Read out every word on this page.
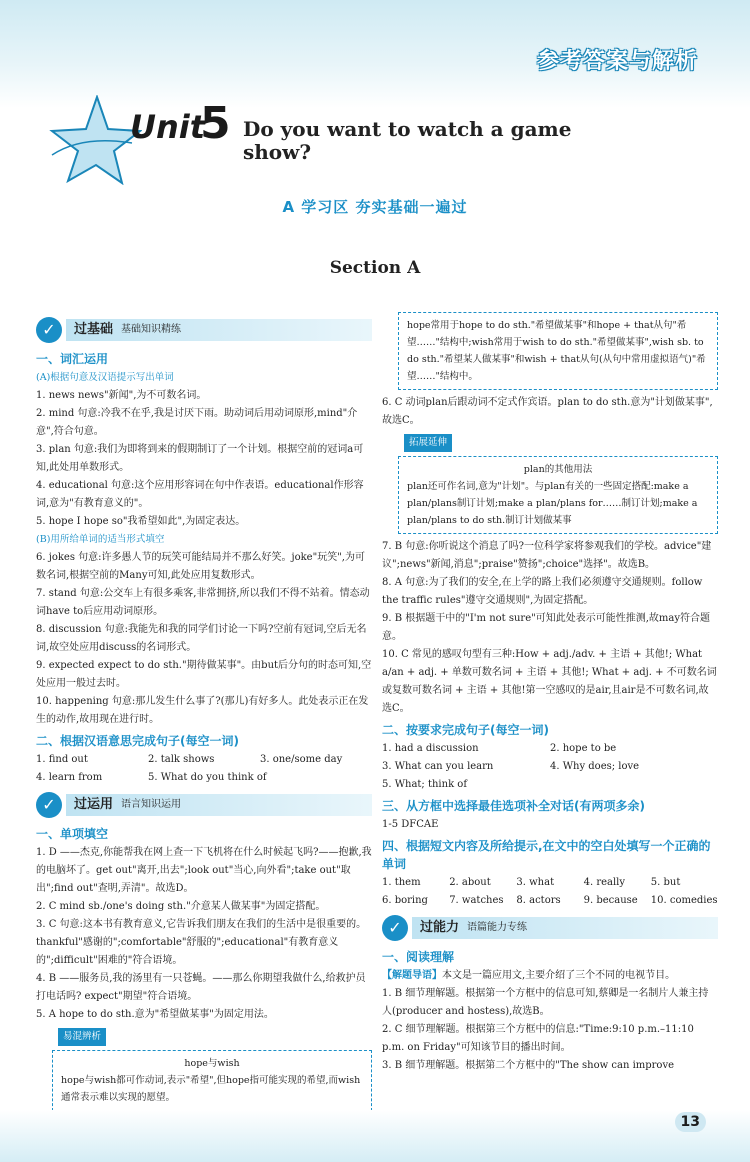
参考答案与解析
Unit
5 Do you want to watch a game show?
A 学习区 夯实基础一遍过
Section A
✓	过基础 基础知识精练
一、词汇运用
(A)根据句意及汉语提示写出单词

1. news news"新闻",为不可数名词。

2. mind 句意:冷我不在乎,我是讨厌下雨。助动词后用动词原形,mind"介意",符合句意。

3. plan 句意:我们为即将到来的假期制订了一个计划。根据空前的冠词a可知,此处用单数形式。

4. educational 句意:这个应用形容词在句中作表语。educational作形容词,意为"有教育意义的"。

5. hope I hope so"我希望如此",为固定表达。

(B)用所给单词的适当形式填空

6. jokes 句意:许多愚人节的玩笑可能结局并不那么好笑。joke"玩笑",为可数名词,根据空前的Many可知,此处应用复数形式。

7. stand 句意:公交车上有很多乘客,非常拥挤,所以我们不得不站着。情态动词have to后应用动词原形。

8. discussion 句意:我能先和我的同学们讨论一下吗?空前有冠词,空后无名词,故空处应用discuss的名词形式。

9. expected expect to do sth."期待做某事"。由but后分句的时态可知,空处应用一般过去时。

10. happening 句意:那儿发生什么事了?(那儿)有好多人。此处表示正在发生的动作,故用现在进行时。

二、根据汉语意思完成句子(每空一词)
1. find out	2. talk shows	3. one/some day
4. learn from	5. What do you think of
✓	过运用 语言知识运用
一、单项填空

1. D ——杰克,你能帮我在网上查一下飞机将在什么时候起飞吗?——抱歉,我的电脑坏了。get out"离开,出去";look out"当心,向外看";take out"取出";find out"查明,弄清"。故选D。

2. C mind sb./one's doing sth."介意某人做某事"为固定搭配。

3. C 句意:这本书有教育意义,它告诉我们朋友在我们的生活中是很重要的。thankful"感谢的";comfortable"舒服的";educational"有教育意义的";difficult"困难的"符合语境。

4. B ——服务员,我的汤里有一只苍蝇。——那么你期望我做什么,给救护员打电话吗? expect"期望"符合语境。

5. A hope to do sth.意为"希望做某事"为固定用法。

易混辨析
hope与wish
hope与wish都可作动词,表示"希望",但hope指可能实现的希望,而wish通常表示难以实现的愿望。
hope常用于hope to do sth."希望做某事"和hope + that从句"希望……"结构中;wish常用于wish to do sth."希望做某事",wish sb. to do sth."希望某人做某事"和wish + that从句(从句中常用虚拟语气)"希望……"结构中。

6. C 动词plan后跟动词不定式作宾语。plan to do sth.意为"计划做某事",故选C。

拓展延伸
plan的其他用法
plan还可作名词,意为"计划"。与plan有关的一些固定搭配:make a plan/plans制订计划;make a plan/plans for……制订计划;make a plan/plans to do sth.制订计划做某事

7. B 句意:你听说这个消息了吗?一位科学家将参观我们的学校。advice"建议";news"新闻,消息";praise"赞扬";choice"选择"。故选B。

8. A 句意:为了我们的安全,在上学的路上我们必须遵守交通规则。follow the traffic rules"遵守交通规则",为固定搭配。

9. B 根据题干中的"I'm not sure"可知此处表示可能性推测,故may符合题意。

10. C 常见的感叹句型有三种:How + adj./adv. + 主语 + 其他!; What a/an + adj. + 单数可数名词 + 主语 + 其他!; What + adj. + 不可数名词或复数可数名词 + 主语 + 其他!第一空感叹的是air,且air是不可数名词,故选C。

二、按要求完成句子(每空一词)
1. had a discussion	2. hope to be
3. What can you learn	4. Why does; love
5. What; think of
三、从方框中选择最佳选项补全对话(有两项多余)

1-5 DFCAE

四、根据短文内容及所给提示,在文中的空白处填写一个正确的单词
1. them	2. about	3. what	4. really	5. but
6. boring	7. watches	8. actors	9. because	10. comedies
✓	过能力 语篇能力专练
一、阅读理解

【解题导语】本文是一篇应用文,主要介绍了三个不同的电视节目。

1. B 细节理解题。根据第一个方框中的信息可知,蔡卿是一名制片人兼主持人(producer and hostess),故选B。

2. C 细节理解题。根据第三个方框中的信息:"Time:9:10 p.m.–11:10 p.m. on Friday"可知该节目的播出时间。

3. B 细节理解题。根据第二个方框中的"The show can improve

13
